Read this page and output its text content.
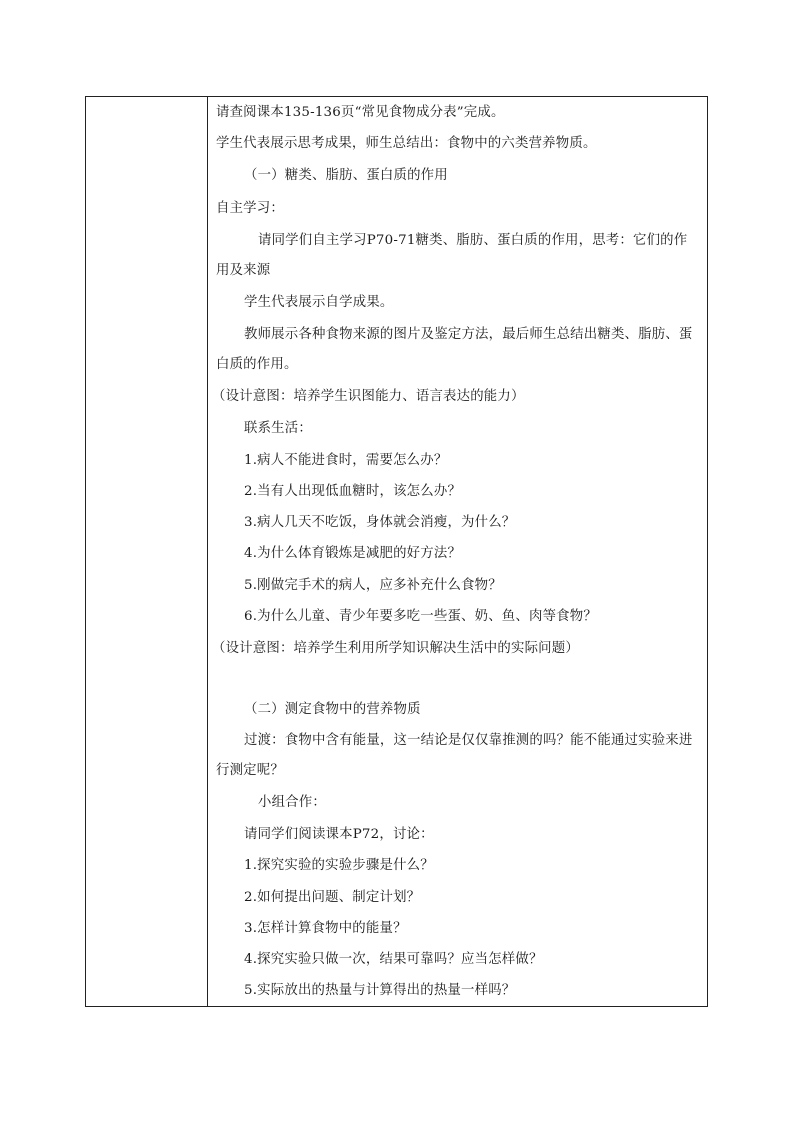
请查阅课本135-136页“常见食物成分表”完成。
学生代表展示思考成果，师生总结出：食物中的六类营养物质。
（一）糖类、脂肪、蛋白质的作用
自主学习：
请同学们自主学习P70-71糖类、脂肪、蛋白质的作用，思考：它们的作
用及来源
学生代表展示自学成果。
教师展示各种食物来源的图片及鉴定方法，最后师生总结出糖类、脂肪、蛋
白质的作用。
（设计意图：培养学生识图能力、语言表达的能力）
联系生活：
1.病人不能进食时，需要怎么办？
2.当有人出现低血糖时，该怎么办？
3.病人几天不吃饭，身体就会消瘦，为什么？
4.为什么体育锻炼是减肥的好方法？
5.刚做完手术的病人，应多补充什么食物？
6.为什么儿童、青少年要多吃一些蛋、奶、鱼、肉等食物？
（设计意图：培养学生利用所学知识解决生活中的实际问题）
（二）测定食物中的营养物质
过渡：食物中含有能量，这一结论是仅仅靠推测的吗？能不能通过实验来进
行测定呢？
小组合作：
请同学们阅读课本P72，讨论：
1.探究实验的实验步骤是什么？
2.如何提出问题、制定计划？
3.怎样计算食物中的能量？
4.探究实验只做一次，结果可靠吗？应当怎样做？
5.实际放出的热量与计算得出的热量一样吗？
